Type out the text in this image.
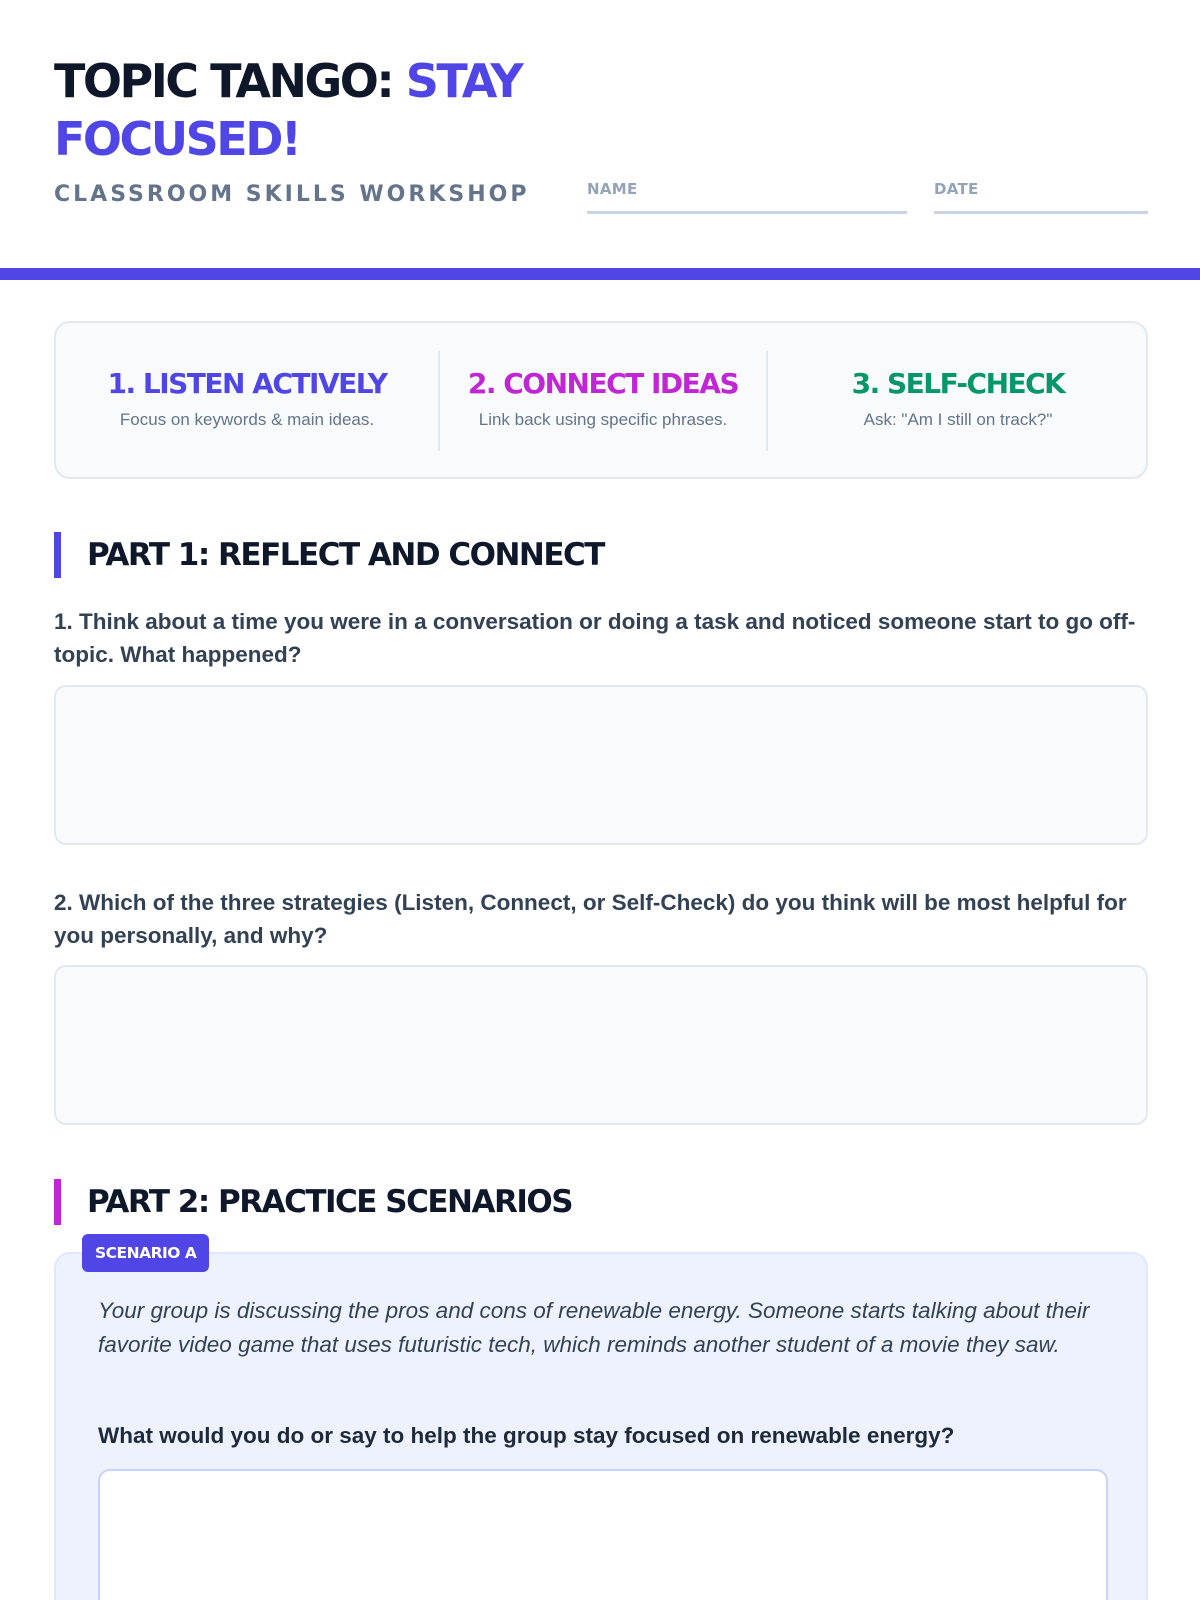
TOPIC TANGO: STAY
FOCUSED!
CLASSROOM SKILLS WORKSHOP	NAME	DATE
1. LISTEN ACTIVELY
Focus on keywords & main ideas.
2. CONNECT IDEAS
Link back using specific phrases.
3. SELF-CHECK
Ask: "Am I still on track?"
PART 1: REFLECT AND CONNECT
1. Think about a time you were in a conversation or doing a task and noticed someone start to go off-topic. What happened?
2. Which of the three strategies (Listen, Connect, or Self-Check) do you think will be most helpful for you personally, and why?
PART 2: PRACTICE SCENARIOS
Your group is discussing the pros and cons of renewable energy. Someone starts talking about their favorite video game that uses futuristic tech, which reminds another student of a movie they saw.
What would you do or say to help the group stay focused on renewable energy?
SCENARIO A
